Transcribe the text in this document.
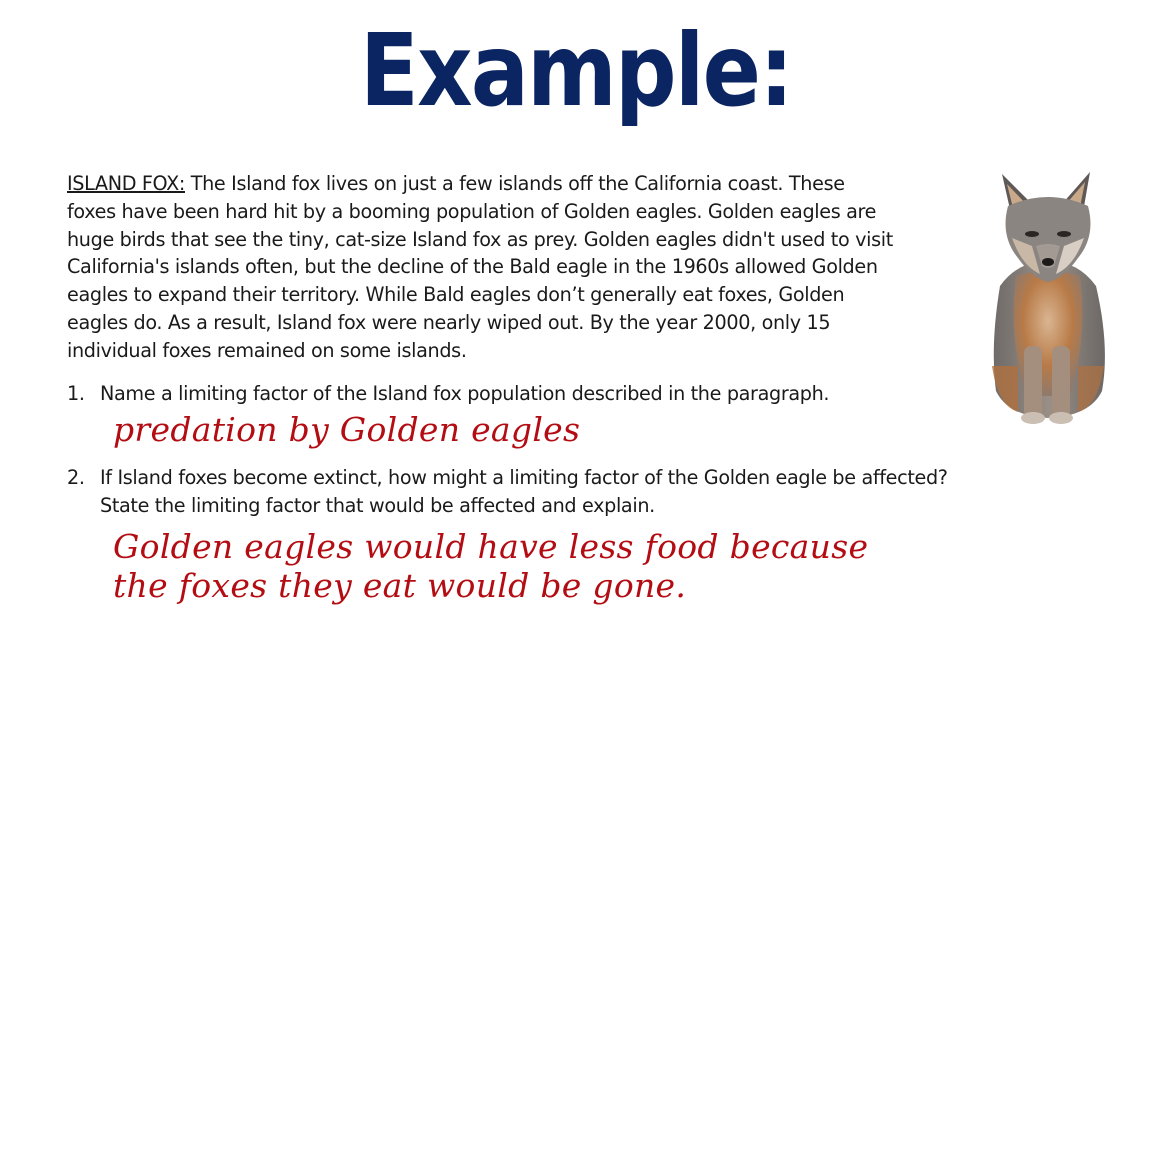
Example:

ISLAND FOX: The Island fox lives on just a few islands off the California coast. These
foxes have been hard hit by a booming population of Golden eagles. Golden eagles are
huge birds that see the tiny, cat-size Island fox as prey. Golden eagles didn't used to visit
California's islands often, but the decline of the Bald eagle in the 1960s allowed Golden
eagles to expand their territory. While Bald eagles don’t generally eat foxes, Golden
eagles do. As a result, Island fox were nearly wiped out. By the year 2000, only 15
individual foxes remained on some islands.

1. Name a limiting factor of the Island fox population described in the paragraph.
predation by Golden eagles
2. If Island foxes become extinct, how might a limiting factor of the Golden eagle be affected?
State the limiting factor that would be affected and explain.
Golden eagles would have less food because
the foxes they eat would be gone.
